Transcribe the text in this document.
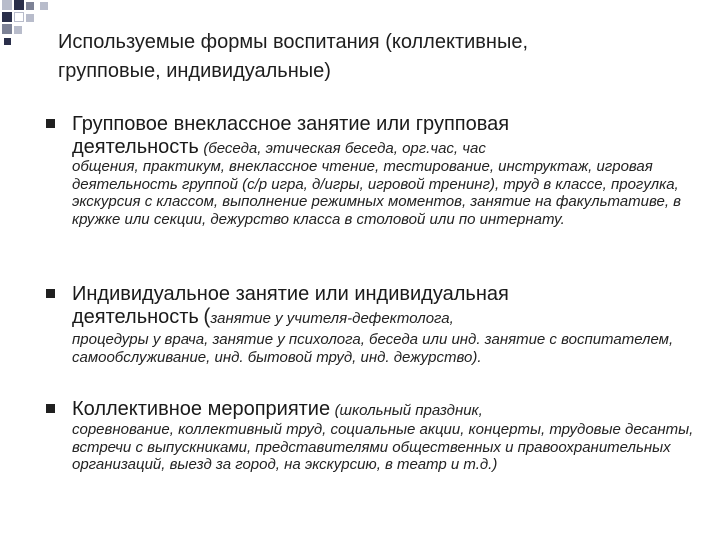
Используемые формы воспитания (коллективные,
групповые, индивидуальные)
Групповое внеклассное занятие или групповая
деятельность (беседа, этическая беседа, орг.час, час
общения, практикум, внеклассное чтение, тестирование, инструктаж, игровая деятельность группой (с/р игра, д/игры, игровой тренинг), труд в классе, прогулка, экскурсия с классом, выполнение режимных моментов, занятие на факультативе, в кружке или секции, дежурство класса в столовой или по интернату.
Индивидуальное занятие или индивидуальная
деятельность (занятие у учителя-дефектолога,
процедуры у врача, занятие у психолога, беседа или инд. занятие с воспитателем, самообслуживание, инд. бытовой труд, инд. дежурство).
Коллективное мероприятие (школьный праздник,
соревнование, коллективный труд, социальные акции, концерты, трудовые десанты, встречи с выпускниками, представителями общественных и правоохранительных организаций, выезд за город, на экскурсию, в театр и т.д.)
